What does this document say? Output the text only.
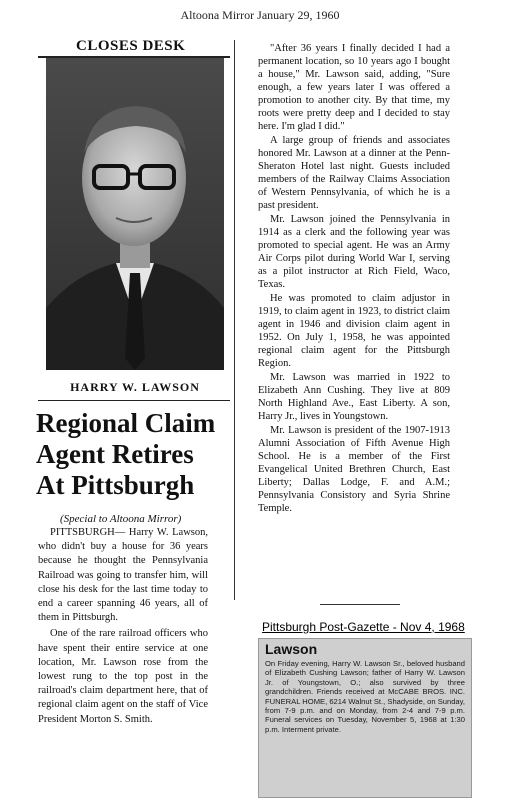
Altoona Mirror January 29, 1960
CLOSES DESK
HARRY W. LAWSON
Regional Claim
Agent Retires
At Pittsburgh
(Special to Altoona Mirror)

PITTSBURGH— Harry W. Lawson, who didn't buy a house for 36 years because he thought the Pennsylvania Railroad was going to transfer him, will close his desk for the last time today to end a career spanning 46 years, all of them in Pittsburgh.

One of the rare railroad officers who have spent their entire service at one location, Mr. Lawson rose from the lowest rung to the top post in the railroad's claim department here, that of regional claim agent on the staff of Vice President Morton S. Smith.

"After 36 years I finally decided I had a permanent location, so 10 years ago I bought a house," Mr. Lawson said, adding, "Sure enough, a few years later I was offered a promotion to another city. By that time, my roots were pretty deep and I decided to stay here. I'm glad I did."

A large group of friends and associates honored Mr. Lawson at a dinner at the Penn-Sheraton Hotel last night. Guests included members of the Railway Claims Association of Western Pennsylvania, of which he is a past president.

Mr. Lawson joined the Pennsylvania in 1914 as a clerk and the following year was promoted to special agent. He was an Army Air Corps pilot during World War I, serving as a pilot instructor at Rich Field, Waco, Texas.

He was promoted to claim adjustor in 1919, to claim agent in 1923, to district claim agent in 1946 and division claim agent in 1952. On July 1, 1958, he was appointed regional claim agent for the Pittsburgh Region.

Mr. Lawson was married in 1922 to Elizabeth Ann Cushing. They live at 809 North Highland Ave., East Liberty. A son, Harry Jr., lives in Youngstown.

Mr. Lawson is president of the 1907-1913 Alumni Association of Fifth Avenue High School. He is a member of the First Evangelical United Brethren Church, East Liberty; Dallas Lodge, F. and A.M.; Pennsylvania Consistory and Syria Shrine Temple.

Pittsburgh Post-Gazette - Nov 4, 1968
Lawson
On Friday evening, Harry W. Lawson Sr., beloved husband of Elizabeth Cushing Lawson; father of Harry W. Lawson Jr. of Youngstown, O.; also survived by three grandchildren. Friends received at McCABE BROS. INC. FUNERAL HOME, 6214 Walnut St., Shadyside, on Sunday, from 7-9 p.m. and on Monday, from 2-4 and 7-9 p.m. Funeral services on Tuesday, November 5, 1968 at 1:30 p.m. Interment private.
